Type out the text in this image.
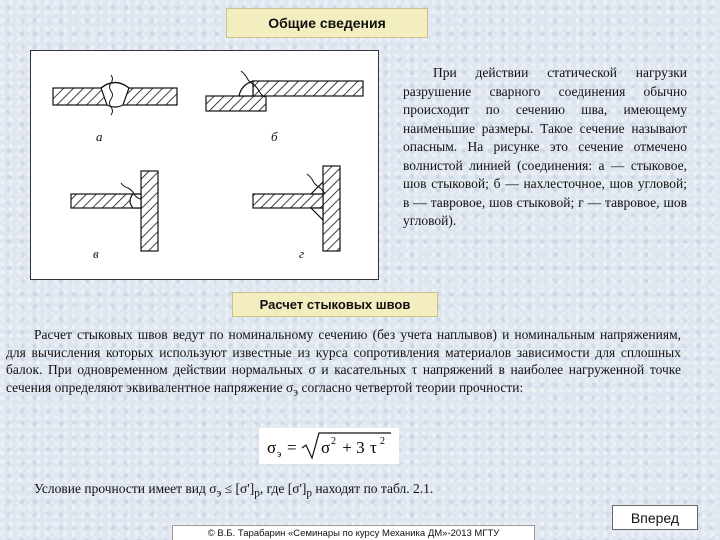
Общие сведения
а	б
в	г

При действии статической нагрузки разрушение сварного соединения обычно происходит по сечению шва, имеющему наименьшие размеры. Такое сечение называют опасным. На рисунке это сечение отмечено волнистой линией (соединения: а — стыковое, шов стыковой; б — нахлесточное, шов угловой; в — тавровое, шов стыковой; г — тавровое, шов угловой).

Расчет стыковых швов

Расчет стыковых швов ведут по номинальному сечению (без учета наплывов) и номинальным напряжениям, для вычисления которых используют известные из курса сопротивления материалов зависимости для сплошных балок. При одновременном действии нормальных σ и касательных τ напряжений в наиболее нагруженной точке сечения определяют эквивалентное напряжение $\sigma_э$ согласно четвертой теории прочности:

σ э = σ 2 + 3 τ 2

Условие прочности имеет вид $\sigma_э \le [\sigma']_р$, где $[\sigma']_р$ находят по табл. 2.1.

Вперед
© В.Б. Тарабарин «Семинары по курсу Механика ДМ»-2013 МГТУ
